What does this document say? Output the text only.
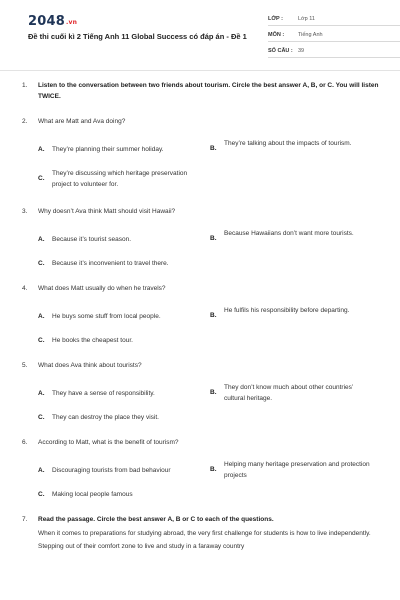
2048.vn
Đề thi cuối kì 2 Tiếng Anh 11 Global Success có đáp án - Đề 1
LỚP :	Lớp 11
MÔN :	Tiếng Anh
SỐ CÂU : 39
1. Listen to the conversation between two friends about tourism. Circle the best answer A, B, or C. You will listen TWICE.
2. What are Matt and Ava doing?
A. They’re planning their summer holiday.	B.
They’re talking about the impacts of tourism.
C.
They’re discussing which heritage preservation project to volunteer for.
3. Why doesn’t Ava think Matt should visit Hawaii?
A. Because it’s tourist season.	B.
Because Hawaiians don’t want more tourists.
C. Because it’s inconvenient to travel there.
4. What does Matt usually do when he travels?
A. He buys some stuff from local people.	B.
He fulfils his responsibility before departing.
C. He books the cheapest tour.
5. What does Ava think about tourists?
A. They have a sense of responsibility.	B.
They don’t know much about other countries’ cultural heritage.
C. They can destroy the place they visit.
6. According to Matt, what is the benefit of tourism?
A. Discouraging tourists from bad behaviour	B.
Helping many heritage preservation and protection projects
C. Making local people famous
7. Read the passage. Circle the best answer A, B or C to each of the questions.
When it comes to preparations for studying abroad, the very first challenge for students is how to live independently. Stepping out of their comfort zone to live and study in a faraway country
